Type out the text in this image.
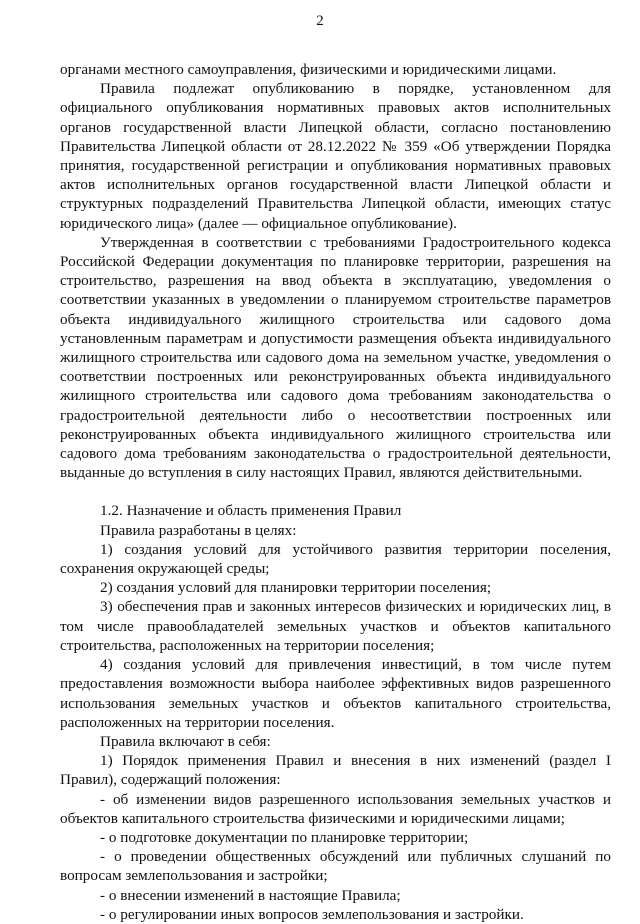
2

органами местного самоуправления, физическими и юридическими лицами.

Правила подлежат опубликованию в порядке, установленном для официального опубликования нормативных правовых актов исполнительных органов государственной власти Липецкой области, согласно постановлению Правительства Липецкой области от 28.12.2022 № 359 «Об утверждении Порядка принятия, государственной регистрации и опубликования нормативных правовых актов исполнительных органов государственной власти Липецкой области и структурных подразделений Правительства Липецкой области, имеющих статус юридического лица» (далее — официальное опубликование).

Утвержденная в соответствии с требованиями Градостроительного кодекса Российской Федерации документация по планировке территории, разрешения на строительство, разрешения на ввод объекта в эксплуатацию, уведомления о соответствии указанных в уведомлении о планируемом строительстве параметров объекта индивидуального жилищного строительства или садового дома установленным параметрам и допустимости размещения объекта индивидуального жилищного строительства или садового дома на земельном участке, уведомления о соответствии построенных или реконструированных объекта индивидуального жилищного строительства или садового дома требованиям законодательства о градостроительной деятельности либо о несоответствии построенных или реконструированных объекта индивидуального жилищного строительства или садового дома требованиям законодательства о градостроительной деятельности, выданные до вступления в силу настоящих Правил, являются действительными.

1.2. Назначение и область применения Правил

Правила разработаны в целях:

1) создания условий для устойчивого развития территории поселения, сохранения окружающей среды;

2) создания условий для планировки территории поселения;

3) обеспечения прав и законных интересов физических и юридических лиц, в том числе правообладателей земельных участков и объектов капитального строительства, расположенных на территории поселения;

4) создания условий для привлечения инвестиций, в том числе путем предоставления возможности выбора наиболее эффективных видов разрешенного использования земельных участков и объектов капитального строительства, расположенных на территории поселения.

Правила включают в себя:

1) Порядок применения Правил и внесения в них изменений (раздел I Правил), содержащий положения:

- об изменении видов разрешенного использования земельных участков и объектов капитального строительства физическими и юридическими лицами;

- о подготовке документации по планировке территории;

- о проведении общественных обсуждений или публичных слушаний по вопросам землепользования и застройки;

- о внесении изменений в настоящие Правила;

- о регулировании иных вопросов землепользования и застройки.
